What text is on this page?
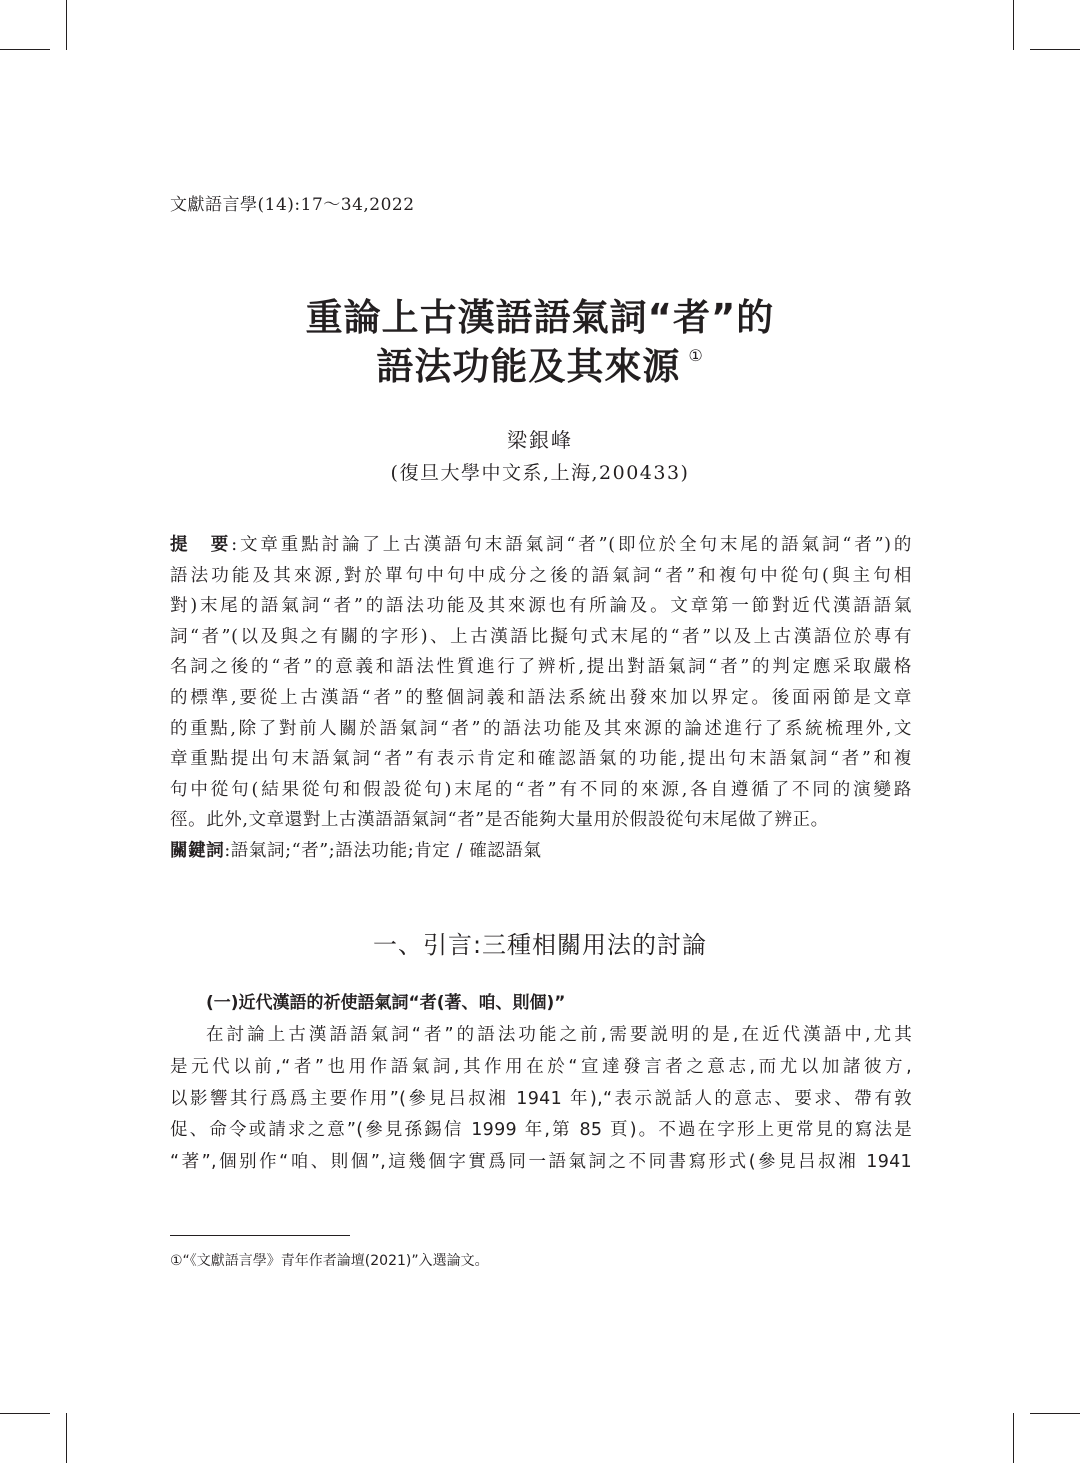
文獻語言學(14):17～34,2022
重論上古漢語語氣詞“者”的
語法功能及其來源 ①
梁銀峰
(復旦大學中文系,上海,200433)

提　要:文章重點討論了上古漢語句末語氣詞“者”(即位於全句末尾的語氣詞“者”)的

語法功能及其來源,對於單句中句中成分之後的語氣詞“者”和複句中從句(與主句相

對)末尾的語氣詞“者”的語法功能及其來源也有所論及。文章第一節對近代漢語語氣

詞“者”(以及與之有關的字形)、上古漢語比擬句式末尾的“者”以及上古漢語位於專有

名詞之後的“者”的意義和語法性質進行了辨析,提出對語氣詞“者”的判定應采取嚴格

的標準,要從上古漢語“者”的整個詞義和語法系統出發來加以界定。後面兩節是文章

的重點,除了對前人關於語氣詞“者”的語法功能及其來源的論述進行了系統梳理外,文

章重點提出句末語氣詞“者”有表示肯定和確認語氣的功能,提出句末語氣詞“者”和複

句中從句(結果從句和假設從句)末尾的“者”有不同的來源,各自遵循了不同的演變路

徑。此外,文章還對上古漢語語氣詞“者”是否能夠大量用於假設從句末尾做了辨正。

關鍵詞:語氣詞;“者”;語法功能;肯定 / 確認語氣

一、引言:三種相關用法的討論
(一)近代漢語的祈使語氣詞“者(著、咱、則個)”

在討論上古漢語語氣詞“者”的語法功能之前,需要説明的是,在近代漢語中,尤其

是元代以前,“者”也用作語氣詞,其作用在於“宣達發言者之意志,而尤以加諸彼方,

以影響其行爲爲主要作用”(參見吕叔湘 1941 年),“表示説話人的意志、要求、帶有敦

促、命令或請求之意”(參見孫錫信 1999 年,第 85 頁)。不過在字形上更常見的寫法是

“著”,個别作“咱、則個”,這幾個字實爲同一語氣詞之不同書寫形式(參見吕叔湘 1941

①“《文獻語言學》青年作者論壇(2021)”入選論文。
